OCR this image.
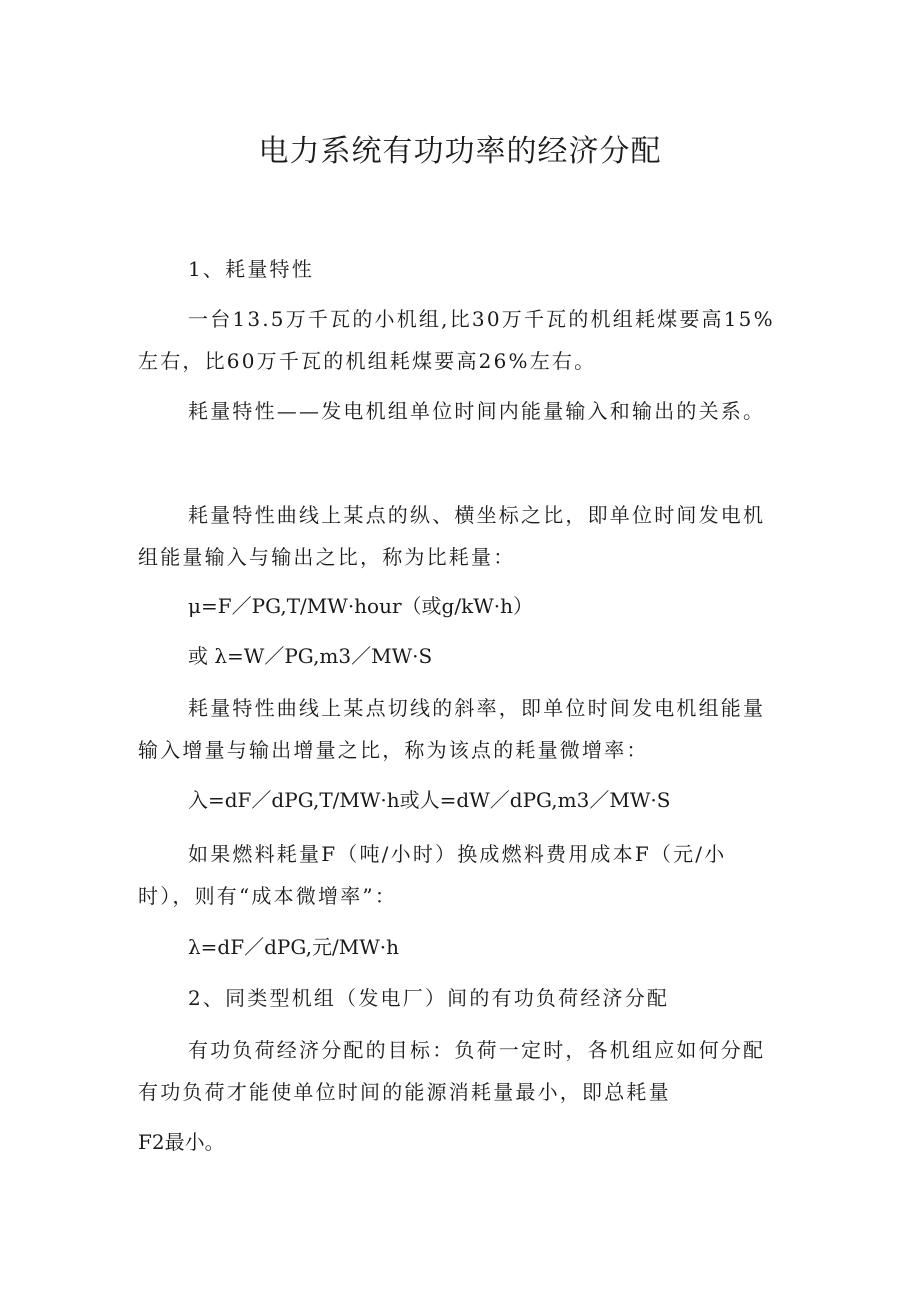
电力系统有功功率的经济分配

1、耗量特性

一台13.5万千瓦的小机组,比30万千瓦的机组耗煤要高15%

左右，比60万千瓦的机组耗煤要高26%左右。

耗量特性——发电机组单位时间内能量输入和输出的关系。

耗量特性曲线上某点的纵、横坐标之比，即单位时间发电机

组能量输入与输出之比，称为比耗量：

μ=F／PG,T/MW·hour（或g/kW·h）

或 λ=W／PG,m3／MW·S

耗量特性曲线上某点切线的斜率，即单位时间发电机组能量

输入增量与输出增量之比，称为该点的耗量微增率：

入=dF／dPG,T/MW·h或人=dW／dPG,m3／MW·S

如果燃料耗量F（吨/小时）换成燃料费用成本F（元/小

时），则有“成本微增率”：

λ=dF／dPG,元/MW·h

2、同类型机组（发电厂）间的有功负荷经济分配

有功负荷经济分配的目标：负荷一定时，各机组应如何分配

有功负荷才能使单位时间的能源消耗量最小，即总耗量

F2最小。
